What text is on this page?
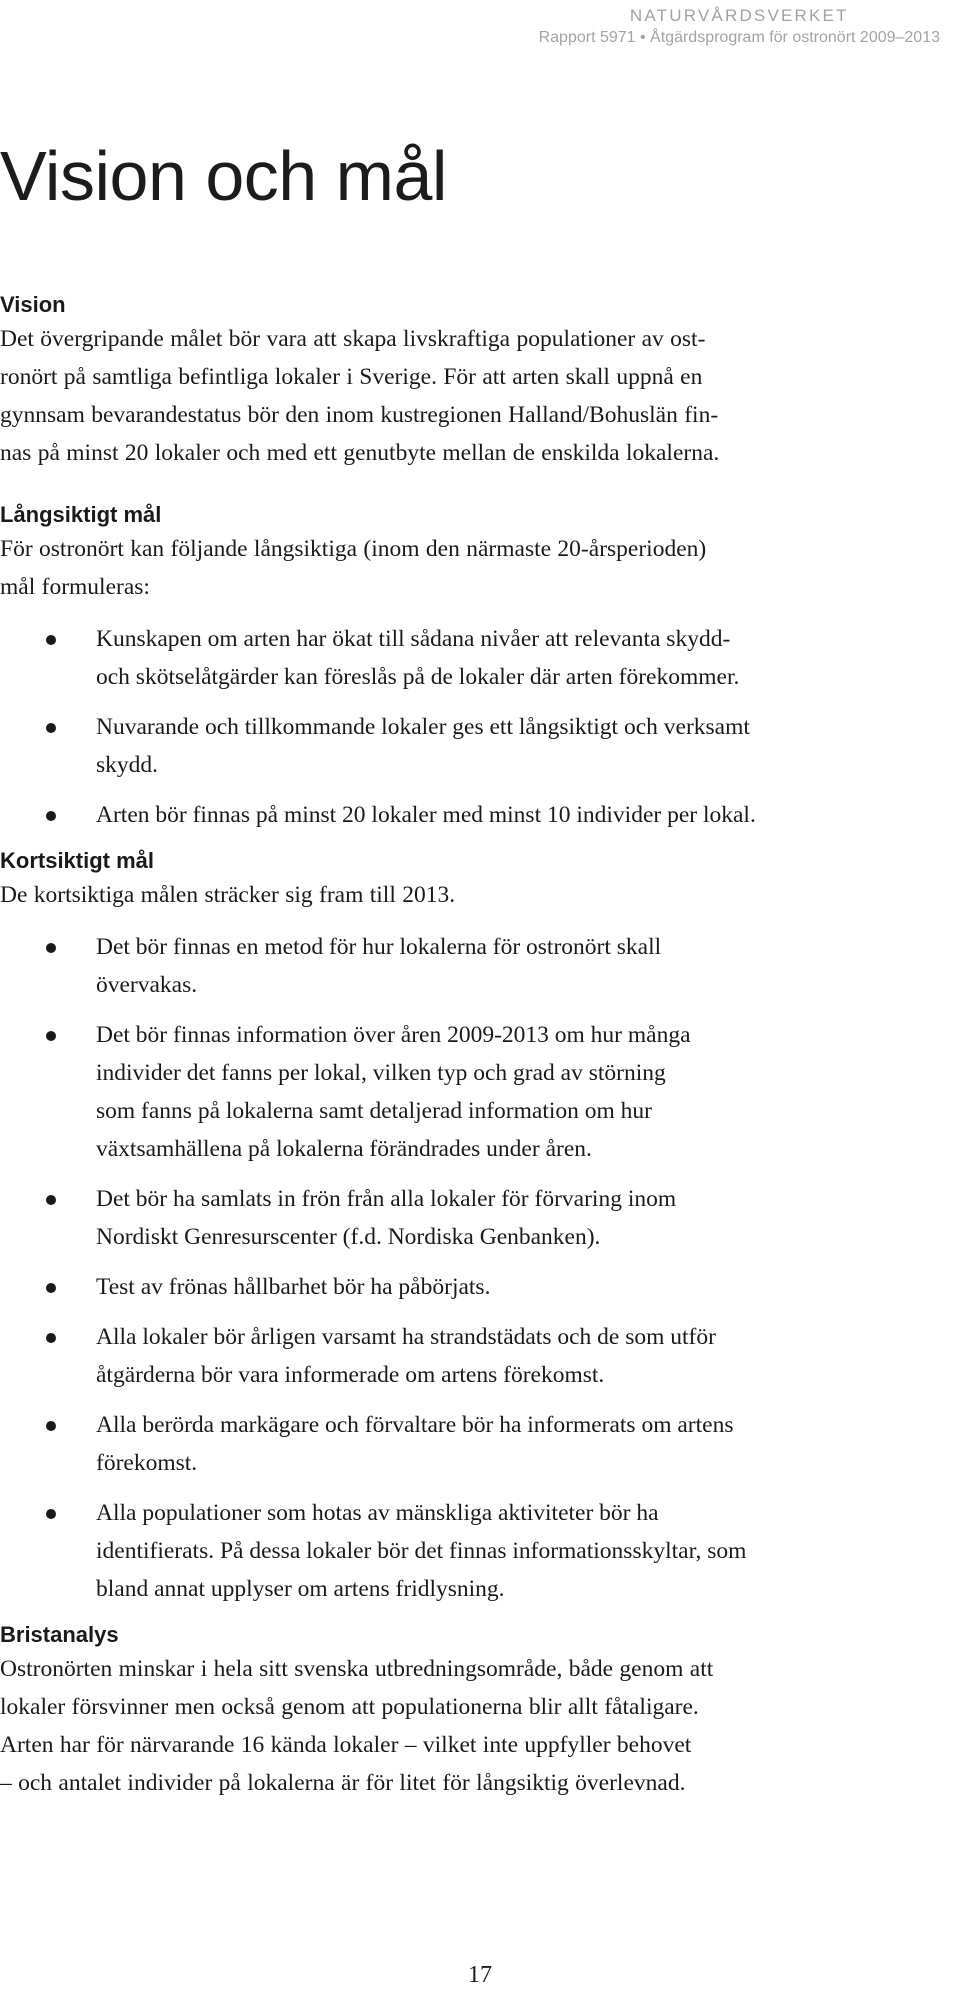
NATURVÅRDSVERKET
Rapport 5971 • Åtgärdsprogram för ostronört 2009–2013
Vision och mål
Vision
Det övergripande målet bör vara att skapa livskraftiga populationer av ost-
ronört på samtliga befintliga lokaler i Sverige. För att arten skall uppnå en
gynnsam bevarandestatus bör den inom kustregionen Halland/Bohuslän fin-
nas på minst 20 lokaler och med ett genutbyte mellan de enskilda lokalerna.
Långsiktigt mål
För ostronört kan följande långsiktiga (inom den närmaste 20-årsperioden)
mål formuleras:
Kunskapen om arten har ökat till sådana nivåer att relevanta skydd-
och skötselåtgärder kan föreslås på de lokaler där arten förekommer.
Nuvarande och tillkommande lokaler ges ett långsiktigt och verksamt
skydd.
Arten bör finnas på minst 20 lokaler med minst 10 individer per lokal.
Kortsiktigt mål
De kortsiktiga målen sträcker sig fram till 2013.
Det bör finnas en metod för hur lokalerna för ostronört skall
övervakas.
Det bör finnas information över åren 2009-2013 om hur många
individer det fanns per lokal, vilken typ och grad av störning
som fanns på lokalerna samt detaljerad information om hur
växtsamhällena på lokalerna förändrades under åren.
Det bör ha samlats in frön från alla lokaler för förvaring inom
Nordiskt Genresurscenter (f.d. Nordiska Genbanken).
Test av frönas hållbarhet bör ha påbörjats.
Alla lokaler bör årligen varsamt ha strandstädats och de som utför
åtgärderna bör vara informerade om artens förekomst.
Alla berörda markägare och förvaltare bör ha informerats om artens
förekomst.
Alla populationer som hotas av mänskliga aktiviteter bör ha
identifierats. På dessa lokaler bör det finnas informationsskyltar, som
bland annat upplyser om artens fridlysning.
Bristanalys
Ostronörten minskar i hela sitt svenska utbredningsområde, både genom att
lokaler försvinner men också genom att populationerna blir allt fåtaligare.
Arten har för närvarande 16 kända lokaler – vilket inte uppfyller behovet
– och antalet individer på lokalerna är för litet för långsiktig överlevnad.
17
